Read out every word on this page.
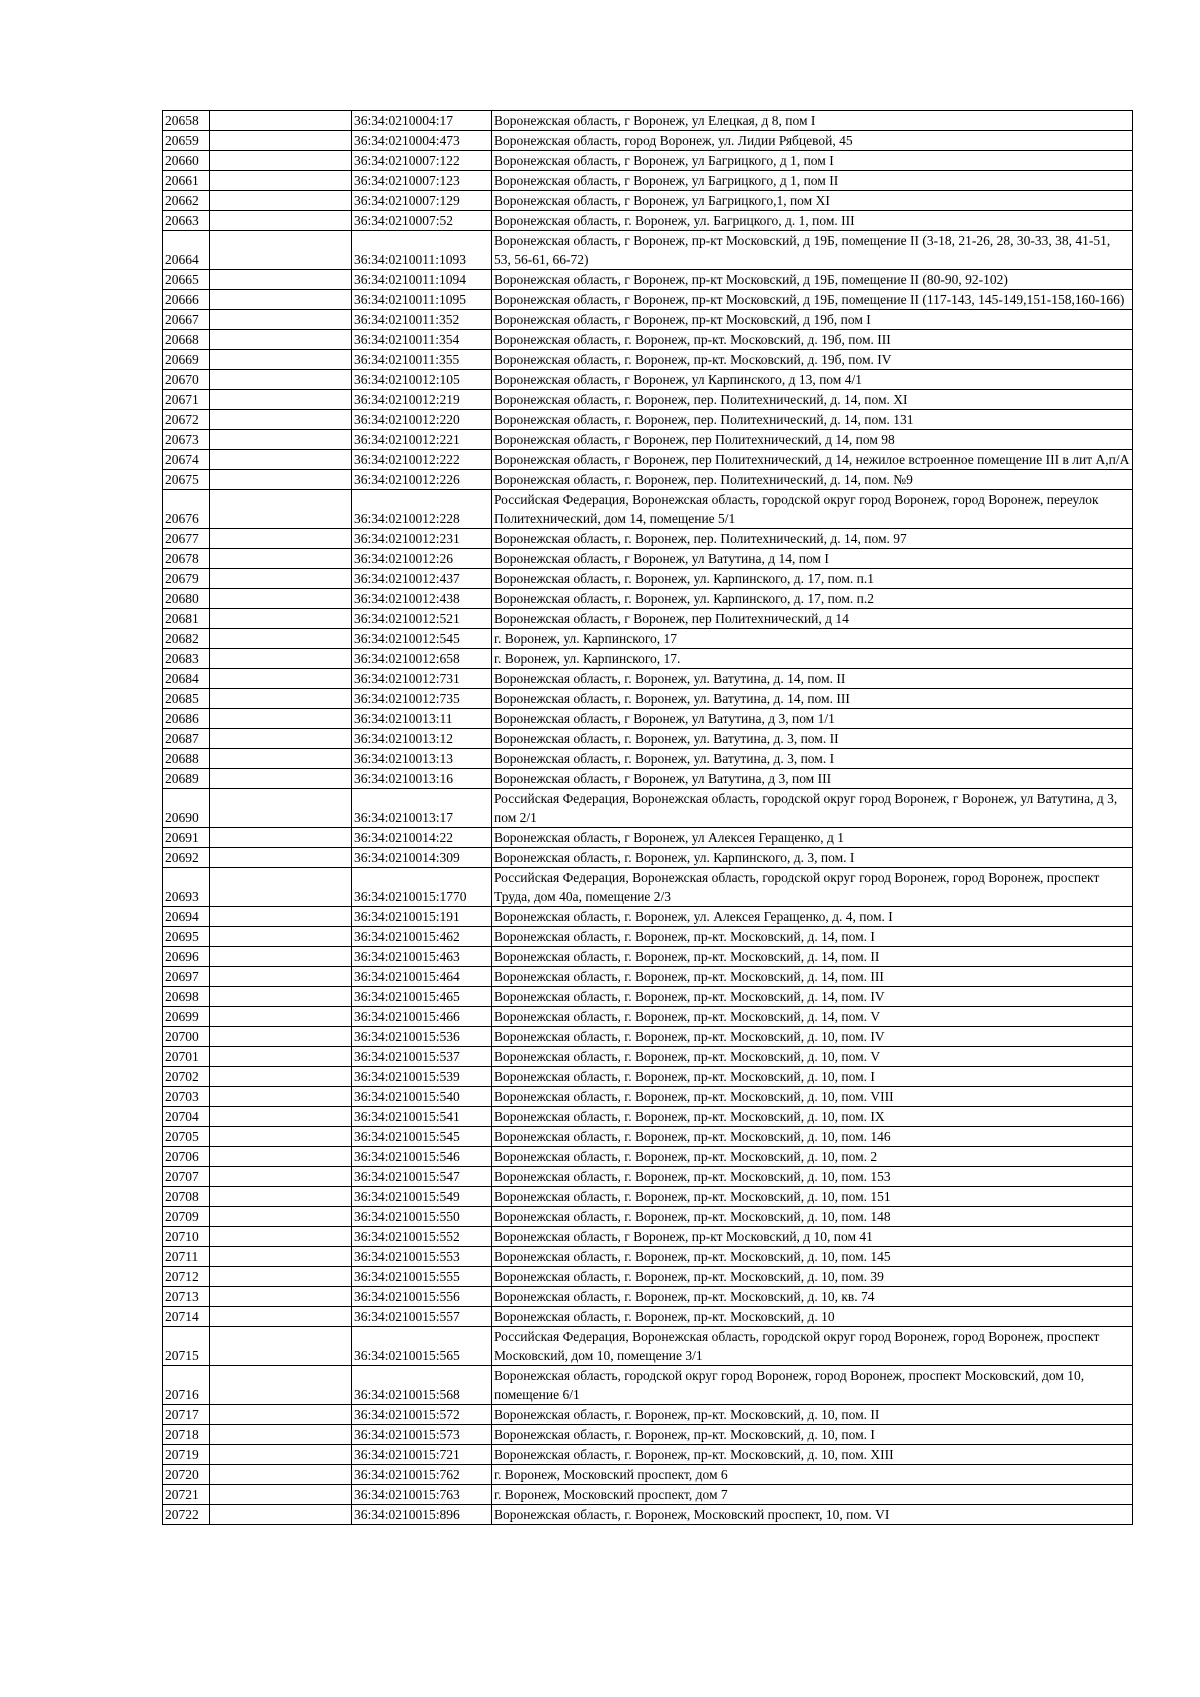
20658		36:34:0210004:17	Воронежская область, г Воронеж, ул Елецкая, д 8, пом I
20659		36:34:0210004:473	Воронежская область, город Воронеж, ул. Лидии Рябцевой, 45
20660		36:34:0210007:122	Воронежская область, г Воронеж, ул Багрицкого, д 1, пом I
20661		36:34:0210007:123	Воронежская область, г Воронеж, ул Багрицкого, д 1, пом II
20662		36:34:0210007:129	Воронежская область, г Воронеж, ул Багрицкого,1, пом XI
20663		36:34:0210007:52	Воронежская область, г. Воронеж, ул. Багрицкого, д. 1, пом. III
20664		36:34:0210011:1093	Воронежская область, г Воронеж, пр-кт Московский, д 19Б, помещение II (3-18, 21-26, 28, 30-33, 38, 41-51, 53, 56-61, 66-72)
20665		36:34:0210011:1094	Воронежская область, г Воронеж, пр-кт Московский, д 19Б, помещение II (80-90, 92-102)
20666		36:34:0210011:1095	Воронежская область, г Воронеж, пр-кт Московский, д 19Б, помещение II (117-143, 145-149,151-158,160-166)
20667		36:34:0210011:352	Воронежская область, г Воронеж, пр-кт Московский, д 19б, пом I
20668		36:34:0210011:354	Воронежская область, г. Воронеж, пр-кт. Московский, д. 19б, пом. III
20669		36:34:0210011:355	Воронежская область, г. Воронеж, пр-кт. Московский, д. 19б, пом. IV
20670		36:34:0210012:105	Воронежская область, г Воронеж, ул Карпинского, д 13, пом 4/1
20671		36:34:0210012:219	Воронежская область, г. Воронеж, пер. Политехнический, д. 14, пом. XI
20672		36:34:0210012:220	Воронежская область, г. Воронеж, пер. Политехнический, д. 14, пом. 131
20673		36:34:0210012:221	Воронежская область, г Воронеж, пер Политехнический, д 14, пом 98
20674		36:34:0210012:222	Воронежская область, г Воронеж, пер Политехнический, д 14, нежилое встроенное помещение III в лит А,п/А
20675		36:34:0210012:226	Воронежская область, г. Воронеж, пер. Политехнический, д. 14, пом. №9
20676		36:34:0210012:228	Российская Федерация, Воронежская область, городской округ город Воронеж, город Воронеж, переулок Политехнический, дом 14, помещение 5/1
20677		36:34:0210012:231	Воронежская область, г. Воронеж, пер. Политехнический, д. 14, пом. 97
20678		36:34:0210012:26	Воронежская область, г Воронеж, ул Ватутина, д 14, пом I
20679		36:34:0210012:437	Воронежская область, г. Воронеж, ул. Карпинского, д. 17, пом. п.1
20680		36:34:0210012:438	Воронежская область, г. Воронеж, ул. Карпинского, д. 17, пом. п.2
20681		36:34:0210012:521	Воронежская область, г Воронеж, пер Политехнический, д 14
20682		36:34:0210012:545	г. Воронеж, ул. Карпинского, 17
20683		36:34:0210012:658	г. Воронеж, ул. Карпинского, 17.
20684		36:34:0210012:731	Воронежская область, г. Воронеж, ул. Ватутина, д. 14, пом. II
20685		36:34:0210012:735	Воронежская область, г. Воронеж, ул. Ватутина, д. 14, пом. III
20686		36:34:0210013:11	Воронежская область, г Воронеж, ул Ватутина, д 3, пом 1/1
20687		36:34:0210013:12	Воронежская область, г. Воронеж, ул. Ватутина, д. 3, пом. II
20688		36:34:0210013:13	Воронежская область, г. Воронеж, ул. Ватутина, д. 3, пом. I
20689		36:34:0210013:16	Воронежская область, г Воронеж, ул Ватутина, д 3, пом III
20690		36:34:0210013:17	Российская Федерация, Воронежская область, городской округ город Воронеж, г Воронеж, ул Ватутина, д 3, пом 2/1
20691		36:34:0210014:22	Воронежская область, г Воронеж, ул Алексея Геращенко, д 1
20692		36:34:0210014:309	Воронежская область, г. Воронеж, ул. Карпинского, д. 3, пом. I
20693		36:34:0210015:1770	Российская Федерация, Воронежская область, городской округ город Воронеж, город Воронеж, проспект Труда, дом 40а, помещение 2/3
20694		36:34:0210015:191	Воронежская область, г. Воронеж, ул. Алексея Геращенко, д. 4, пом. I
20695		36:34:0210015:462	Воронежская область, г. Воронеж, пр-кт. Московский, д. 14, пом. I
20696		36:34:0210015:463	Воронежская область, г. Воронеж, пр-кт. Московский, д. 14, пом. II
20697		36:34:0210015:464	Воронежская область, г. Воронеж, пр-кт. Московский, д. 14, пом. III
20698		36:34:0210015:465	Воронежская область, г. Воронеж, пр-кт. Московский, д. 14, пом. IV
20699		36:34:0210015:466	Воронежская область, г. Воронеж, пр-кт. Московский, д. 14, пом. V
20700		36:34:0210015:536	Воронежская область, г. Воронеж, пр-кт. Московский, д. 10, пом. IV
20701		36:34:0210015:537	Воронежская область, г. Воронеж, пр-кт. Московский, д. 10, пом. V
20702		36:34:0210015:539	Воронежская область, г. Воронеж, пр-кт. Московский, д. 10, пом. I
20703		36:34:0210015:540	Воронежская область, г. Воронеж, пр-кт. Московский, д. 10, пом. VIII
20704		36:34:0210015:541	Воронежская область, г. Воронеж, пр-кт. Московский, д. 10, пом. IX
20705		36:34:0210015:545	Воронежская область, г. Воронеж, пр-кт. Московский, д. 10, пом. 146
20706		36:34:0210015:546	Воронежская область, г. Воронеж, пр-кт. Московский, д. 10, пом. 2
20707		36:34:0210015:547	Воронежская область, г. Воронеж, пр-кт. Московский, д. 10, пом. 153
20708		36:34:0210015:549	Воронежская область, г. Воронеж, пр-кт. Московский, д. 10, пом. 151
20709		36:34:0210015:550	Воронежская область, г. Воронеж, пр-кт. Московский, д. 10, пом. 148
20710		36:34:0210015:552	Воронежская область, г Воронеж, пр-кт Московский, д 10, пом 41
20711		36:34:0210015:553	Воронежская область, г. Воронеж, пр-кт. Московский, д. 10, пом. 145
20712		36:34:0210015:555	Воронежская область, г. Воронеж, пр-кт. Московский, д. 10, пом. 39
20713		36:34:0210015:556	Воронежская область, г. Воронеж, пр-кт. Московский, д. 10, кв. 74
20714		36:34:0210015:557	Воронежская область, г. Воронеж, пр-кт. Московский, д. 10
20715		36:34:0210015:565	Российская Федерация, Воронежская область, городской округ город Воронеж, город Воронеж, проспект Московский, дом 10, помещение 3/1
20716		36:34:0210015:568	Воронежская область, городской округ город Воронеж, город Воронеж, проспект Московский, дом 10, помещение 6/1
20717		36:34:0210015:572	Воронежская область, г. Воронеж, пр-кт. Московский, д. 10, пом. II
20718		36:34:0210015:573	Воронежская область, г. Воронеж, пр-кт. Московский, д. 10, пом. I
20719		36:34:0210015:721	Воронежская область, г. Воронеж, пр-кт. Московский, д. 10, пом. XIII
20720		36:34:0210015:762	г. Воронеж, Московский проспект, дом 6
20721		36:34:0210015:763	г. Воронеж, Московский проспект, дом 7
20722		36:34:0210015:896	Воронежская область, г. Воронеж, Московский проспект, 10, пом. VI
